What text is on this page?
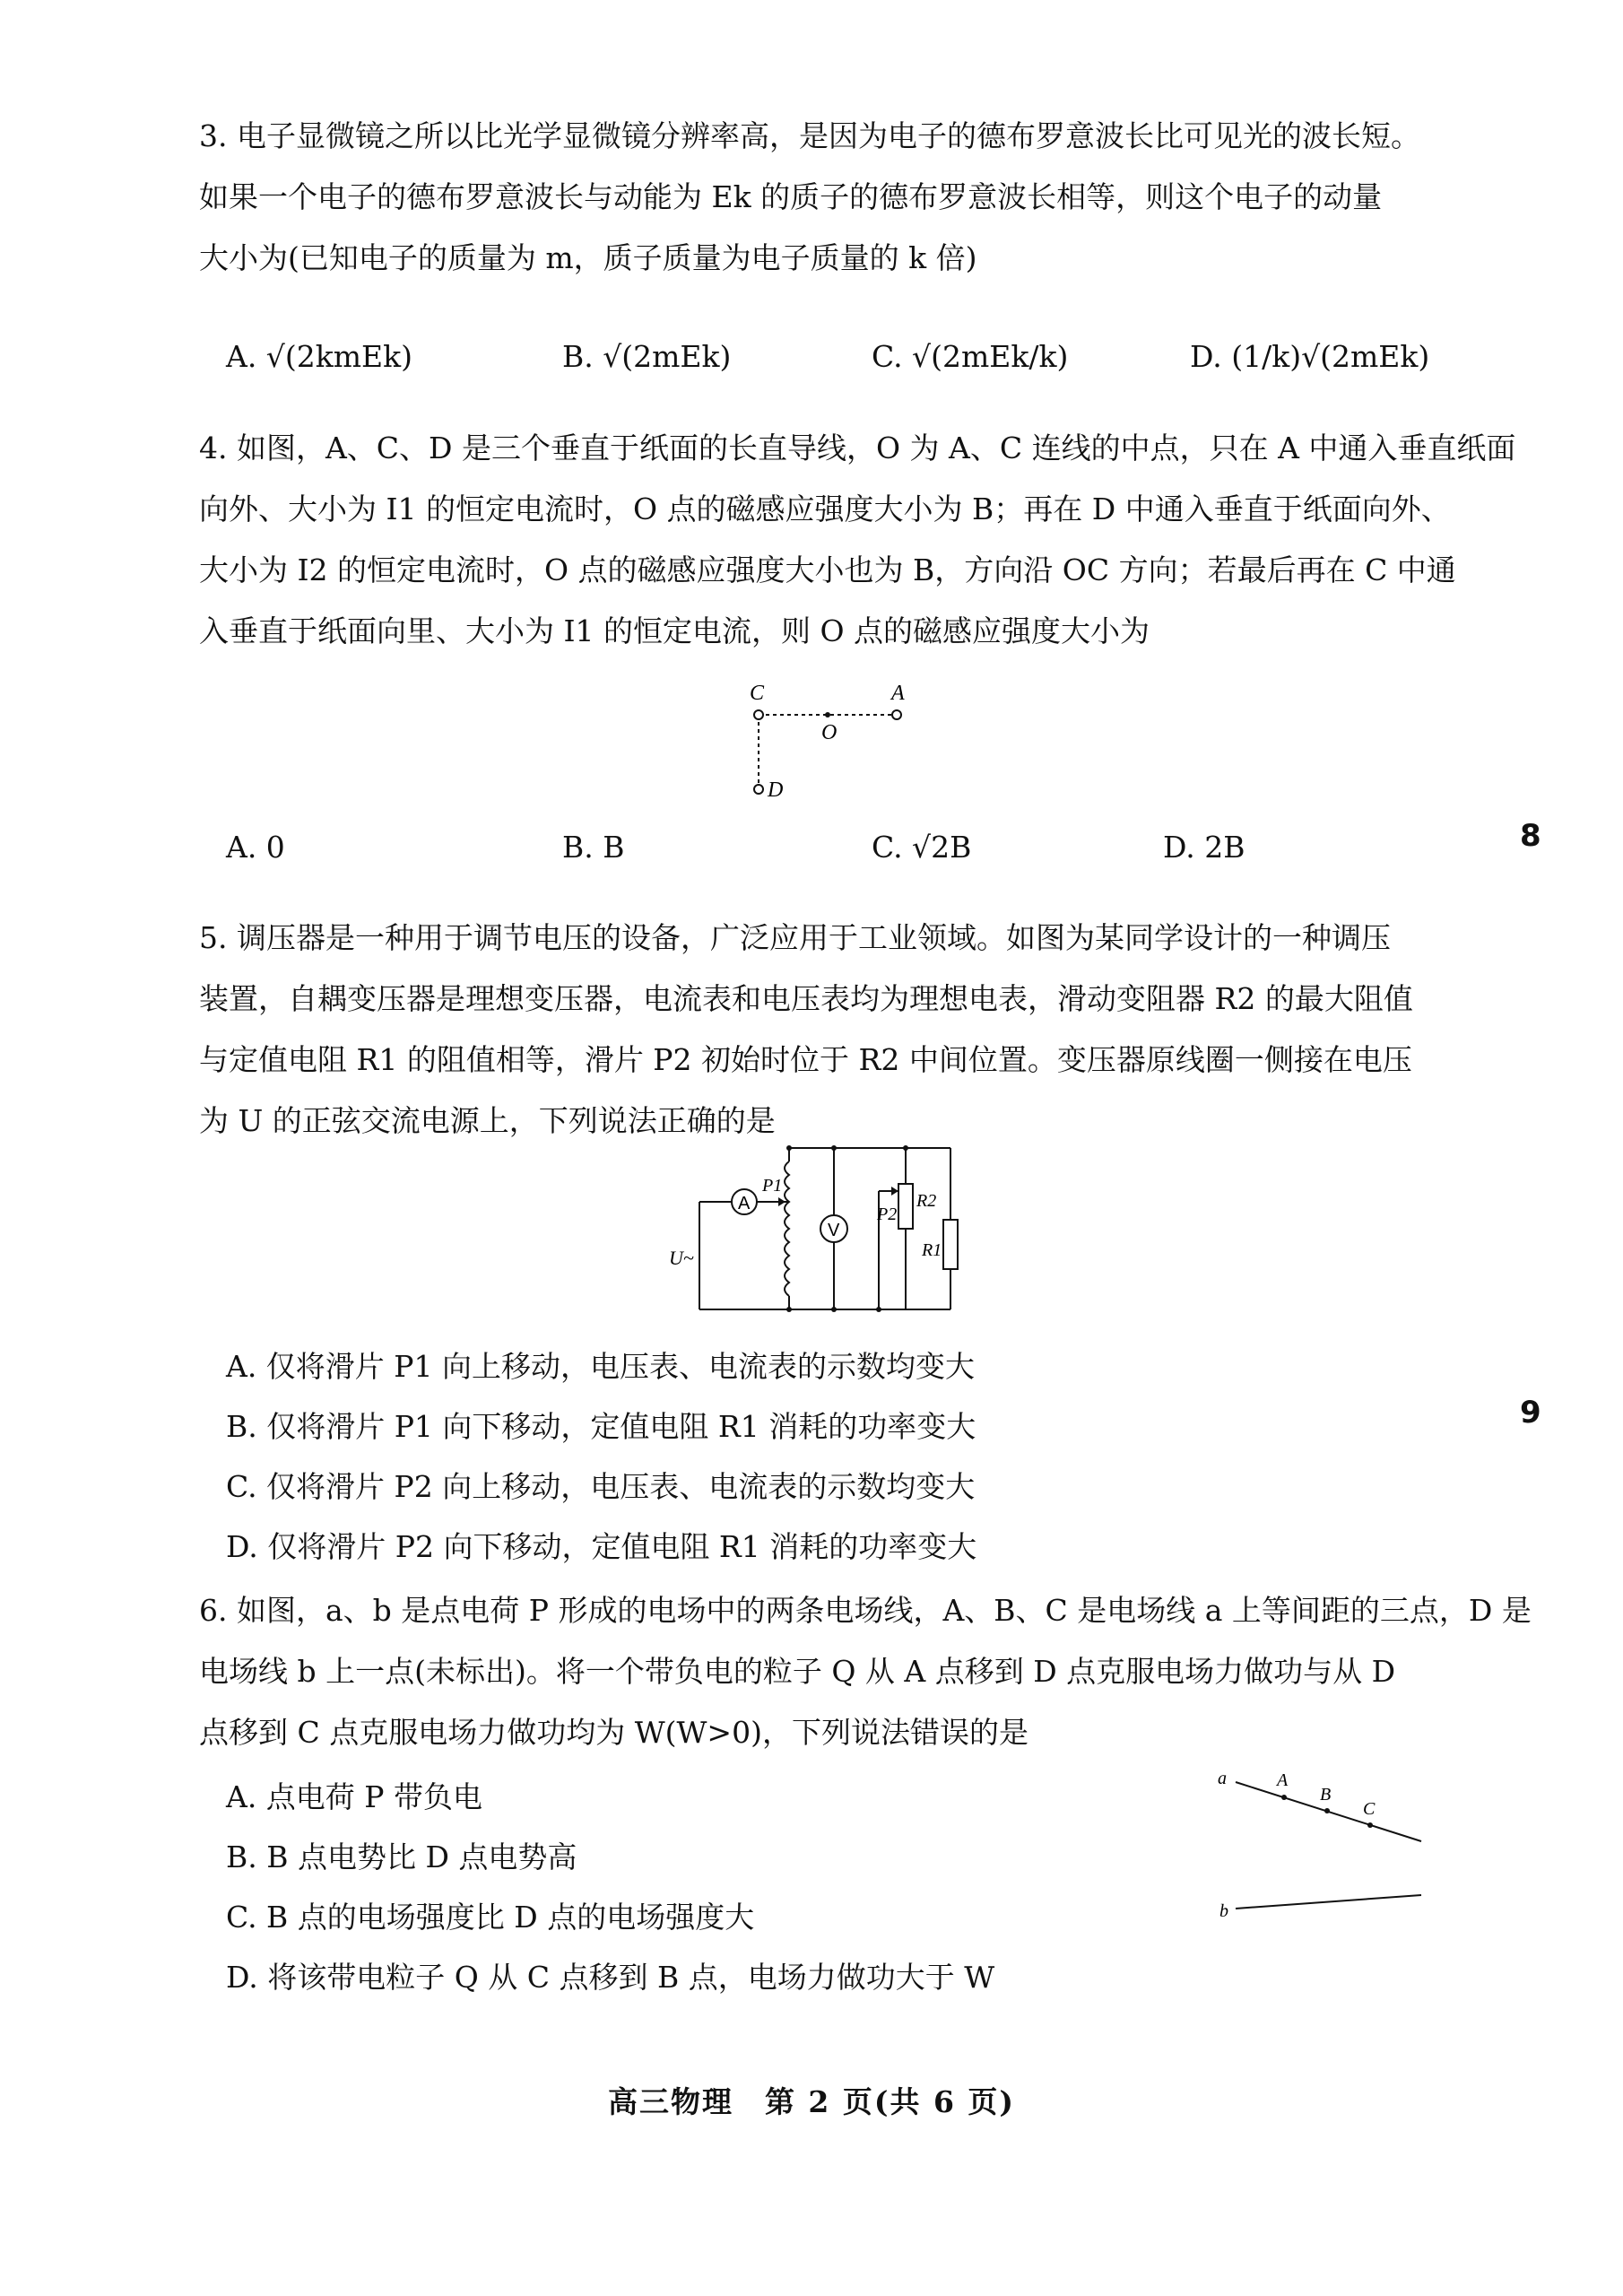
3. 电子显微镜之所以比光学显微镜分辨率高，是因为电子的德布罗意波长比可见光的波长短。

如果一个电子的德布罗意波长与动能为 Ek 的质子的德布罗意波长相等，则这个电子的动量

大小为(已知电子的质量为 m，质子质量为电子质量的 k 倍)

A. √(2kmEk)	B. √(2mEk)	C. √(2mEk/k)	D. (1/k)√(2mEk)

4. 如图，A、C、D 是三个垂直于纸面的长直导线，O 为 A、C 连线的中点，只在 A 中通入垂直纸面

向外、大小为 I1 的恒定电流时，O 点的磁感应强度大小为 B；再在 D 中通入垂直于纸面向外、

大小为 I2 的恒定电流时，O 点的磁感应强度大小也为 B，方向沿 OC 方向；若最后再在 C 中通

入垂直于纸面向里、大小为 I1 的恒定电流，则 O 点的磁感应强度大小为

C	A
O
D
A. 0	B. B	C. √2B	D. 2B	8

5. 调压器是一种用于调节电压的设备，广泛应用于工业领域。如图为某同学设计的一种调压

装置，自耦变压器是理想变压器，电流表和电压表均为理想电表，滑动变阻器 R2 的最大阻值

与定值电阻 R1 的阻值相等，滑片 P2 初始时位于 R2 中间位置。变压器原线圈一侧接在电压

为 U 的正弦交流电源上，下列说法正确的是

A
V
P1
P2
R2
R1
U~
A. 仅将滑片 P1 向上移动，电压表、电流表的示数均变大
B. 仅将滑片 P1 向下移动，定值电阻 R1 消耗的功率变大
C. 仅将滑片 P2 向上移动，电压表、电流表的示数均变大
D. 仅将滑片 P2 向下移动，定值电阻 R1 消耗的功率变大
9

6. 如图，a、b 是点电荷 P 形成的电场中的两条电场线，A、B、C 是电场线 a 上等间距的三点，D 是

电场线 b 上一点(未标出)。将一个带负电的粒子 Q 从 A 点移到 D 点克服电场力做功与从 D

点移到 C 点克服电场力做功均为 W(W>0)，下列说法错误的是

A. 点电荷 P 带负电
B. B 点电势比 D 点电势高
C. B 点的电场强度比 D 点的电场强度大
D. 将该带电粒子 Q 从 C 点移到 B 点，电场力做功大于 W
a
b
A
B
C
高三物理　第 2 页(共 6 页)
